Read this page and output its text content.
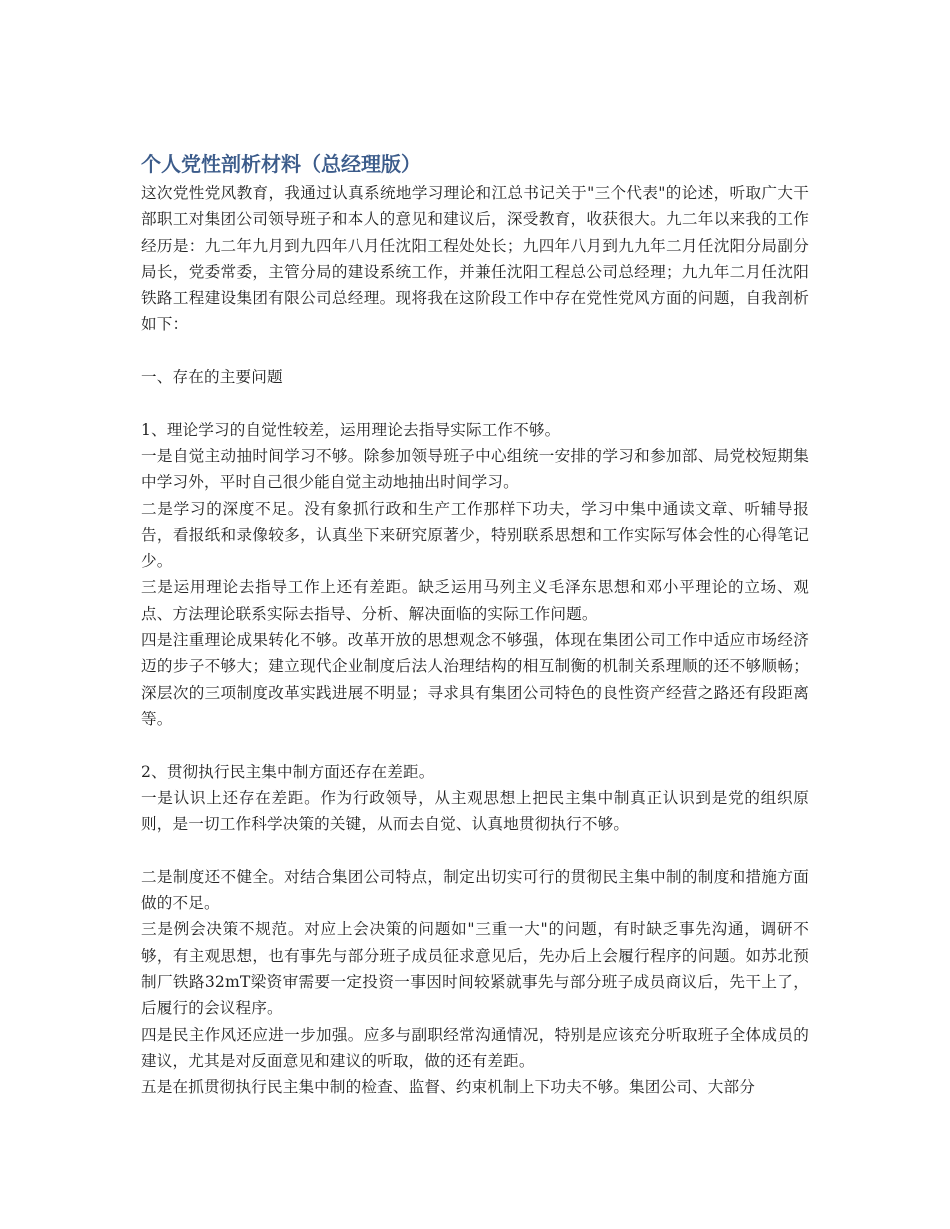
个人党性剖析材料（总经理版）

这次党性党风教育，我通过认真系统地学习理论和江总书记关于"三个代表"的论述，听取广大干部职工对集团公司领导班子和本人的意见和建议后，深受教育，收获很大。九二年以来我的工作经历是：九二年九月到九四年八月任沈阳工程处处长；九四年八月到九九年二月任沈阳分局副分局长，党委常委，主管分局的建设系统工作，并兼任沈阳工程总公司总经理；九九年二月任沈阳铁路工程建设集团有限公司总经理。现将我在这阶段工作中存在党性党风方面的问题，自我剖析如下：

一、存在的主要问题

1、理论学习的自觉性较差，运用理论去指导实际工作不够。

一是自觉主动抽时间学习不够。除参加领导班子中心组统一安排的学习和参加部、局党校短期集中学习外，平时自己很少能自觉主动地抽出时间学习。

二是学习的深度不足。没有象抓行政和生产工作那样下功夫，学习中集中通读文章、听辅导报告，看报纸和录像较多，认真坐下来研究原著少，特别联系思想和工作实际写体会性的心得笔记少。

三是运用理论去指导工作上还有差距。缺乏运用马列主义毛泽东思想和邓小平理论的立场、观点、方法理论联系实际去指导、分析、解决面临的实际工作问题。

四是注重理论成果转化不够。改革开放的思想观念不够强，体现在集团公司工作中适应市场经济迈的步子不够大；建立现代企业制度后法人治理结构的相互制衡的机制关系理顺的还不够顺畅；深层次的三项制度改革实践进展不明显；寻求具有集团公司特色的良性资产经营之路还有段距离等。

2、贯彻执行民主集中制方面还存在差距。

一是认识上还存在差距。作为行政领导，从主观思想上把民主集中制真正认识到是党的组织原则，是一切工作科学决策的关键，从而去自觉、认真地贯彻执行不够。

二是制度还不健全。对结合集团公司特点，制定出切实可行的贯彻民主集中制的制度和措施方面做的不足。

三是例会决策不规范。对应上会决策的问题如"三重一大"的问题，有时缺乏事先沟通，调研不够，有主观思想，也有事先与部分班子成员征求意见后，先办后上会履行程序的问题。如苏北预制厂铁路32mT梁资审需要一定投资一事因时间较紧就事先与部分班子成员商议后，先干上了，后履行的会议程序。

四是民主作风还应进一步加强。应多与副职经常沟通情况，特别是应该充分听取班子全体成员的建议，尤其是对反面意见和建议的听取，做的还有差距。

五是在抓贯彻执行民主集中制的检查、监督、约束机制上下功夫不够。集团公司、大部分
